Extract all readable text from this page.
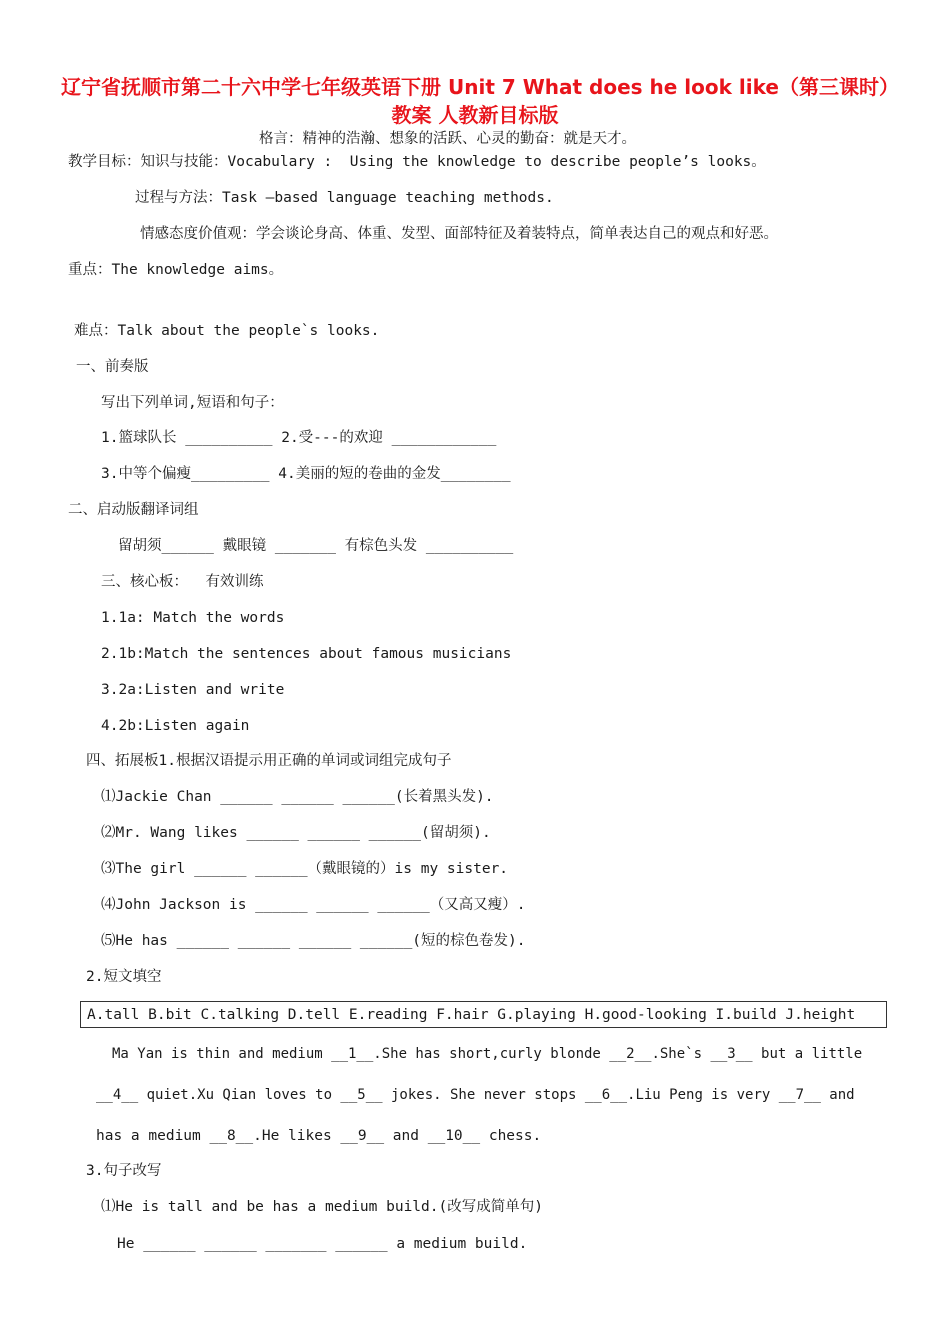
辽宁省抚顺市第二十六中学七年级英语下册 Unit 7 What does he look like（第三课时）教案 人教新目标版
格言：精神的浩瀚、想象的活跃、心灵的勤奋：就是天才。
教学目标：知识与技能：Vocabulary :  Using the knowledge to describe people’s looks。
过程与方法：Task —based language teaching methods.
情感态度价值观：学会谈论身高、体重、发型、面部特征及着装特点，简单表达自己的观点和好恶。
重点：The knowledge aims。
难点：Talk about the people`s looks.
一、前奏版
写出下列单词,短语和句子：
1.篮球队长 __________ 2.受---的欢迎 ____________
3.中等个偏瘦_________ 4.美丽的短的卷曲的金发________
二、启动版翻译词组
留胡须______ 戴眼镜 _______ 有棕色头发 __________
三、核心板：  有效训练
1.1a: Match the words
2.1b:Match the sentences about famous musicians
3.2a:Listen and write
4.2b:Listen again
四、拓展板1.根据汉语提示用正确的单词或词组完成句子
⑴Jackie Chan ______ ______ ______(长着黑头发).
⑵Mr. Wang likes ______ ______ ______(留胡须).
⑶The girl ______ ______（戴眼镜的）is my sister.
⑷John Jackson is ______ ______ ______（又高又瘦）.
⑸He has ______ ______ ______ ______(短的棕色卷发).
2.短文填空
A.tall B.bit C.talking D.tell E.reading F.hair G.playing H.good-looking I.build J.height
Ma Yan is thin and medium __1__.She has short,curly blonde __2__.She`s __3__ but a little
__4__ quiet.Xu Qian loves to __5__ jokes. She never stops __6__.Liu Peng is very __7__ and
has a medium __8__.He likes __9__ and __10__ chess.
3.句子改写
⑴He is tall and be has a medium build.(改写成简单句)
He ______ ______ _______ ______ a medium build.
